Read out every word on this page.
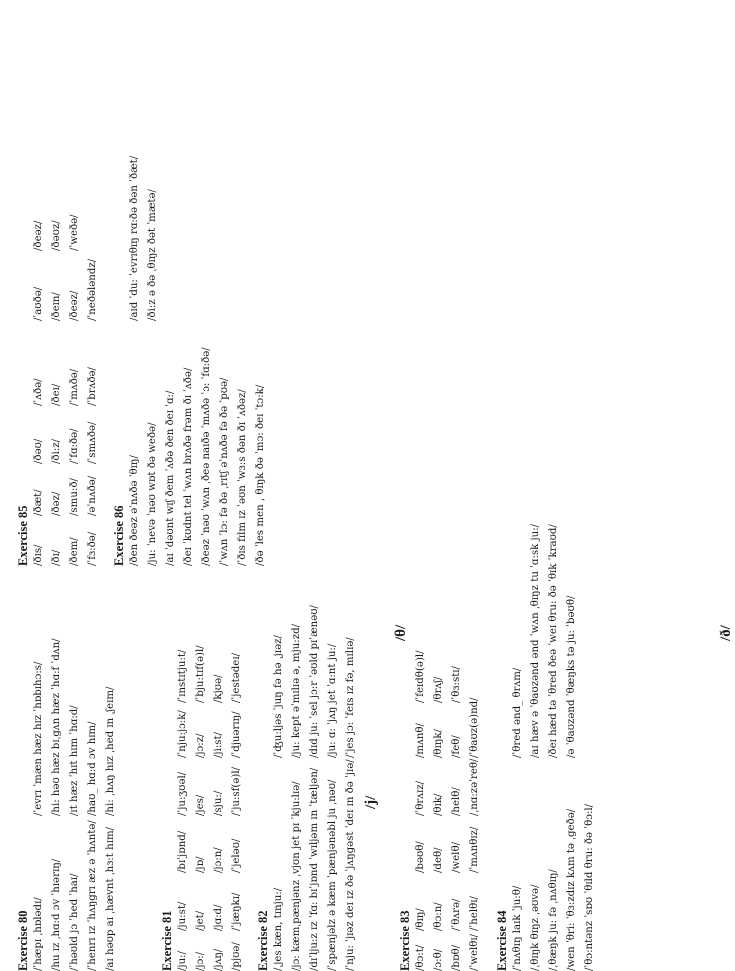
Exercise 80 /ˈhæpɪ ˌhɒlədɪ/
/ˈevrɪ ˈmæn hæz hɪz ˈhɒbɪhɔ:s/
/hu ɪz ˌhɑ:d ɔv ˈhɪərɪŋ/
/hi: həʊ hæz bɪˌgʌn hæz ˈhɑ:f ˈdʌn/
/ˈhəʊld jɔ ˈhed ˈhaɪ/
/ɪt hæz ˈhɪt hɪm ˈhɑ:d/
/ˈhenrɪ ɪz ˈhʌŋgrɪ æz ə ˈhʌntə/
/haʊ_ hɑ:d ɔv hɪm/
/aɪ həʊp aɪ ˌhævnt ˌhɜ:t hɪm/
/hi: ˌhʌŋ hɪz ˌhed ɪn ˌʃeɪm/	/j/
Exercise 81 /ju:/
/ju:st/
/bɪˈjɒnd/
/ˈju:ʒʊəl/
/ˈnju:jɔ:k/
/ˈɪnstɪtju:t/
/jɔ:/
/jet/
/jɒ/
/jes/
/jɔ:z/
/ˈbju:tɪf(ə)l/
/jʌŋ/
/jɑ:d/
/jɔ:n/
/sju:/
/ji:st/
/kjʊə/
/pjʊə/
/ˈjæŋkɪ/
/ˈjeləʊ/
/ˈju:sf(ə)l/
/ˈdjuərɪŋ/
/ˈjestədeɪ/
Exercise 82 /ˌjes kæn, tɪnju:/
/ˈʤu:ljəs ˈjuŋ fə hə ˌjɪəz/
/jɔ: kæmˌpænjənz ˌvjʊn jet pɪ ˈkju:lɪə/
/ju: kept əˈmɪlɪə ə, mju:zd/
/dɪˈlju:z ɪz ˈfɑ: bɪˈjɒnd ˈwɪljəm ɪn ˈtæljən/
/dɪd ju: ˈsel jɔ:r ˈəʊld pɪˈænəʊ/
/ˈspænjəlz ə kæm ˈpænjənəbl ju ˌnəʊ/
/ju: ɑ: ˈjʌŋ jet ˈɑ:nt ju:/
/ˈnju: ˈjɪəz deɪ ɪz ðə ˈjʌŋgəst ˈdeɪ ɪn ðə ˈjɪə/
/ˈjes jɔ: ˈfeɪs ɪz fə, mɪlɪə/
/θ/
Exercise 83 /θɔ:t/
/θɪŋ/
/bəʊθ/
/ˈθrʌɪz/
/mʌnθ/
/ˈfeɪdθ(ə)l/
/ɔ:θ/
/θɔ:n/
/deθ/
/θɪk/
/θɪŋk/
/θrʌʃ/
/bɒθ/
/ˈθʌrə/
/welθ/
/helθ/
/feθ/
/ˈθɜ:stɪ/
/ˈwelθɪ/
/ˈhelθɪ/
/ˈmʌnθɪz/
/ˌnɑ:zəˈreθ/
/ˈθaʊz(ə)nd/
Exercise 84 /ˈnʌθɪŋ laɪk ˈju:θ/
/ˈθred ənd_ θrʌm/
/ˌθɪŋk θɪŋz ˌəʊvə/
/aɪ hæv ə ˈθaʊzənd ənd ˈwʌn ˌθɪŋz tu ˈɑ:sk ju:/
/ˌθæŋk ju: fə ˌnʌθɪŋ/
/ðeɪ hæd tə ˈθred ðeə ˈweɪ θru: ðə ˈθɪk ˈkraʊd/
/wen ˈθri: ˈθɜ:zdɪz kʌm tə ˌgeðə/
/ə ˈθaʊzənd ˈθæŋks tə ju: ˈbəʊθ/
/ˈθɔ:ntənz ˈsɒʊ ˈθɪld θru: ðə ˈθɔ:l/
/ð/
Exercise 85 /ðɪs/
/ðæt/
/ðəʊ/
/ˈʌðə/
/ˈaʊðə/
/ðeəz/
/ðɪ/
/ðəz/
/ði:z/
/ðeɪ/
/ðeɪn/
/ðəʊz/
/ðem/
/smu:ð/
/ˈfɑ:ðə/
/ˈmʌðə/
/ðeəz/
/ˈweðə/
/ˈfɜ:ðə/
/əˈnʌðə/
/ˈsmʌðə/
/ˈbrʌðə/
/ˈneðələndz/
Exercise 86 /ðen ðeəz əˈnʌðə ˈθɪŋ/
/aɪd ˈdu: ˈevrɪθɪŋ rɑ:ðə ðən ˈðæt/
/ju: ˈnevə ˈnəʊ wɒt ðə weðə/
/ði:z ə ðə ˌθɪŋz ðət ˈmætə/
/aɪ ˈdəʊnt wɪʃ ðem ˈʌðə ðen ðeɪ ˈɑ:/ /ðeɪ ˈkʊdnt tel ˈwʌn brʌðə frəm ðɪ ˈʌðə/ /ðeəz ˈnəʊ ˈwʌn ˌðeə naɪðə ˈmʌðə ˈɔ: ˈfɑ:ðə/ /ˈwʌn ˈlɔ: fə ðə ˌrɪtʃ əˈnʌðə fə ðə ˈpʊə/ /ˈðɪs fɪlm ɪz ˈəʊn ˈwɜ:s ðən ðɪ ˈʌðəz/ /ðə ˈles men , θɪŋk ðə ˈmɔ: ðeɪ ˈtɔ:k/
